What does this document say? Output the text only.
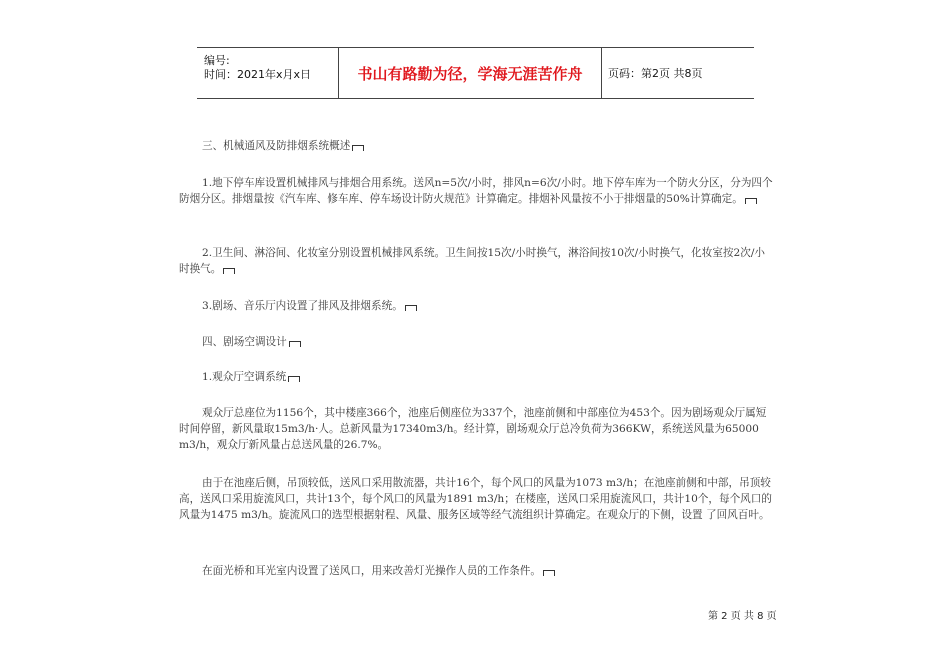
编号:
时间：2021年x月x日	书山有路勤为径，学海无涯苦作舟	页码：第2页 共8页

三、机械通风及防排烟系统概述

1.地下停车库设置机械排风与排烟合用系统。送风n=5次/小时，排风n=6次/小时。地下停车库为一个防火分区，分为四个防烟分区。排烟量按《汽车库、修车库、停车场设计防火规范》计算确定。排烟补风量按不小于排烟量的50%计算确定。

2.卫生间、淋浴间、化妆室分别设置机械排风系统。卫生间按15次/小时换气，淋浴间按10次/小时换气，化妆室按2次/小时换气。

3.剧场、音乐厅内设置了排风及排烟系统。

四、剧场空调设计

1.观众厅空调系统

观众厅总座位为1156个，其中楼座366个，池座后侧座位为337个，池座前侧和中部座位为453个。因为剧场观众厅属短时间停留，新风量取15m3/h·人。总新风量为17340m3/h。经计算，剧场观众厅总冷负荷为366KW，系统送风量为65000 m3/h，观众厅新风量占总送风量的26.7%。

由于在池座后侧，吊顶较低，送风口采用散流器，共计16个，每个风口的风量为1073 m3/h；在池座前侧和中部，吊顶较高，送风口采用旋流风口，共计13个，每个风口的风量为1891 m3/h；在楼座，送风口采用旋流风口，共计10个，每个风口的风量为1475 m3/h。旋流风口的选型根据射程、风量、服务区域等经气流组织计算确定。在观众厅的下侧，设置 了回风百叶。

在面光桥和耳光室内设置了送风口，用来改善灯光操作人员的工作条件。

第 2 页 共 8 页
